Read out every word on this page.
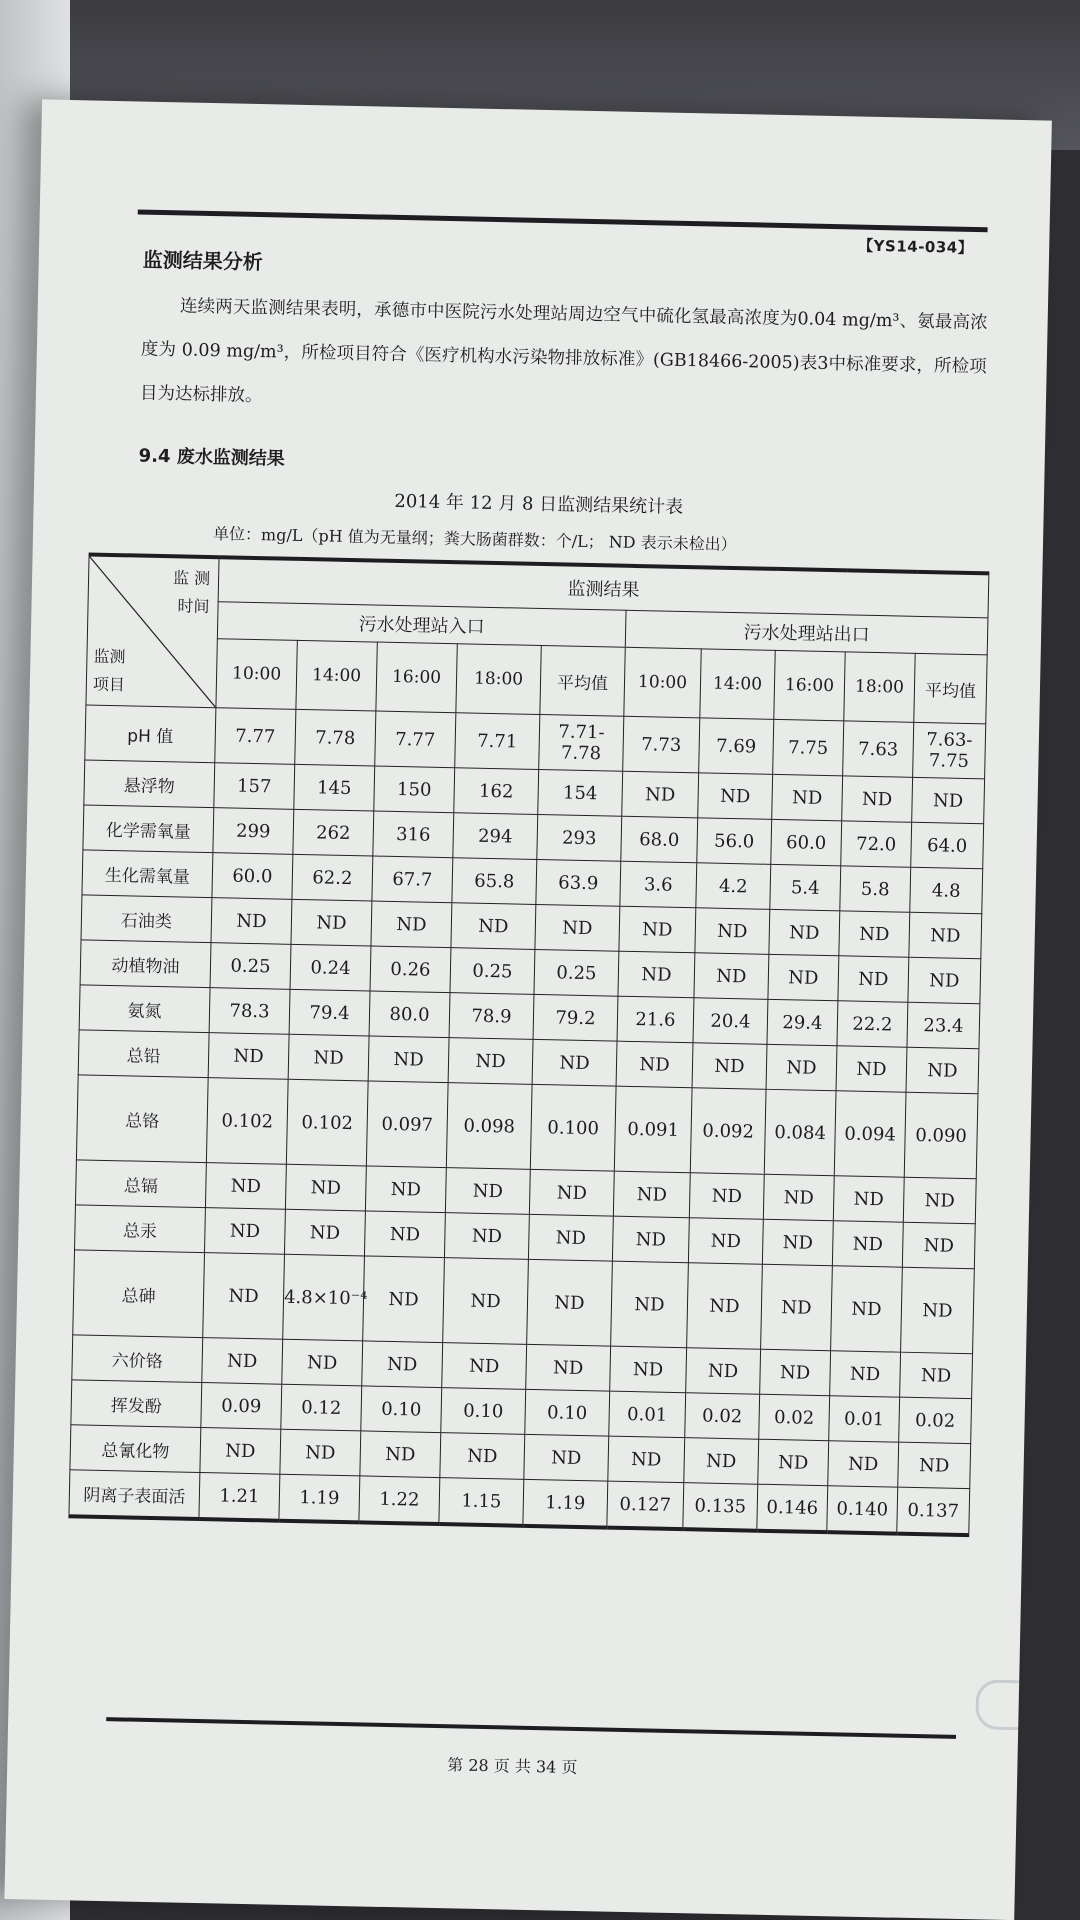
【YS14-034】
监测结果分析
连续两天监测结果表明，承德市中医院污水处理站周边空气中硫化氢最高浓度为0.04 mg/m³、氨最高浓度为 0.09 mg/m³，所检项目符合《医疗机构水污染物排放标准》(GB18466-2005)表3中标准要求，所检项目为达标排放。
9.4 废水监测结果
2014 年 12 月 8 日监测结果统计表
单位：mg/L（pH 值为无量纲；粪大肠菌群数：个/L； ND 表示未检出）
监 测
时间
监测
项目	监测结果									
	污水处理站入口					污水处理站出口				
	10:00	14:00	16:00	18:00	平均值	10:00	14:00	16:00	18:00	平均值
pH 值	7.77	7.78	7.77	7.71	7.71-7.78	7.73	7.69	7.75	7.63	7.63-7.75
悬浮物	157	145	150	162	154	ND	ND	ND	ND	ND
化学需氧量	299	262	316	294	293	68.0	56.0	60.0	72.0	64.0
生化需氧量	60.0	62.2	67.7	65.8	63.9	3.6	4.2	5.4	5.8	4.8
石油类	ND	ND	ND	ND	ND	ND	ND	ND	ND	ND
动植物油	0.25	0.24	0.26	0.25	0.25	ND	ND	ND	ND	ND
氨氮	78.3	79.4	80.0	78.9	79.2	21.6	20.4	29.4	22.2	23.4
总铅	ND	ND	ND	ND	ND	ND	ND	ND	ND	ND
总铬	0.102	0.102	0.097	0.098	0.100	0.091	0.092	0.084	0.094	0.090
总镉	ND	ND	ND	ND	ND	ND	ND	ND	ND	ND
总汞	ND	ND	ND	ND	ND	ND	ND	ND	ND	ND
总砷	ND	4.8×10⁻⁴	ND	ND	ND	ND	ND	ND	ND	ND
六价铬	ND	ND	ND	ND	ND	ND	ND	ND	ND	ND
挥发酚	0.09	0.12	0.10	0.10	0.10	0.01	0.02	0.02	0.01	0.02
总氰化物	ND	ND	ND	ND	ND	ND	ND	ND	ND	ND
阴离子表面活	1.21	1.19	1.22	1.15	1.19	0.127	0.135	0.146	0.140	0.137
第 28 页 共 34 页
